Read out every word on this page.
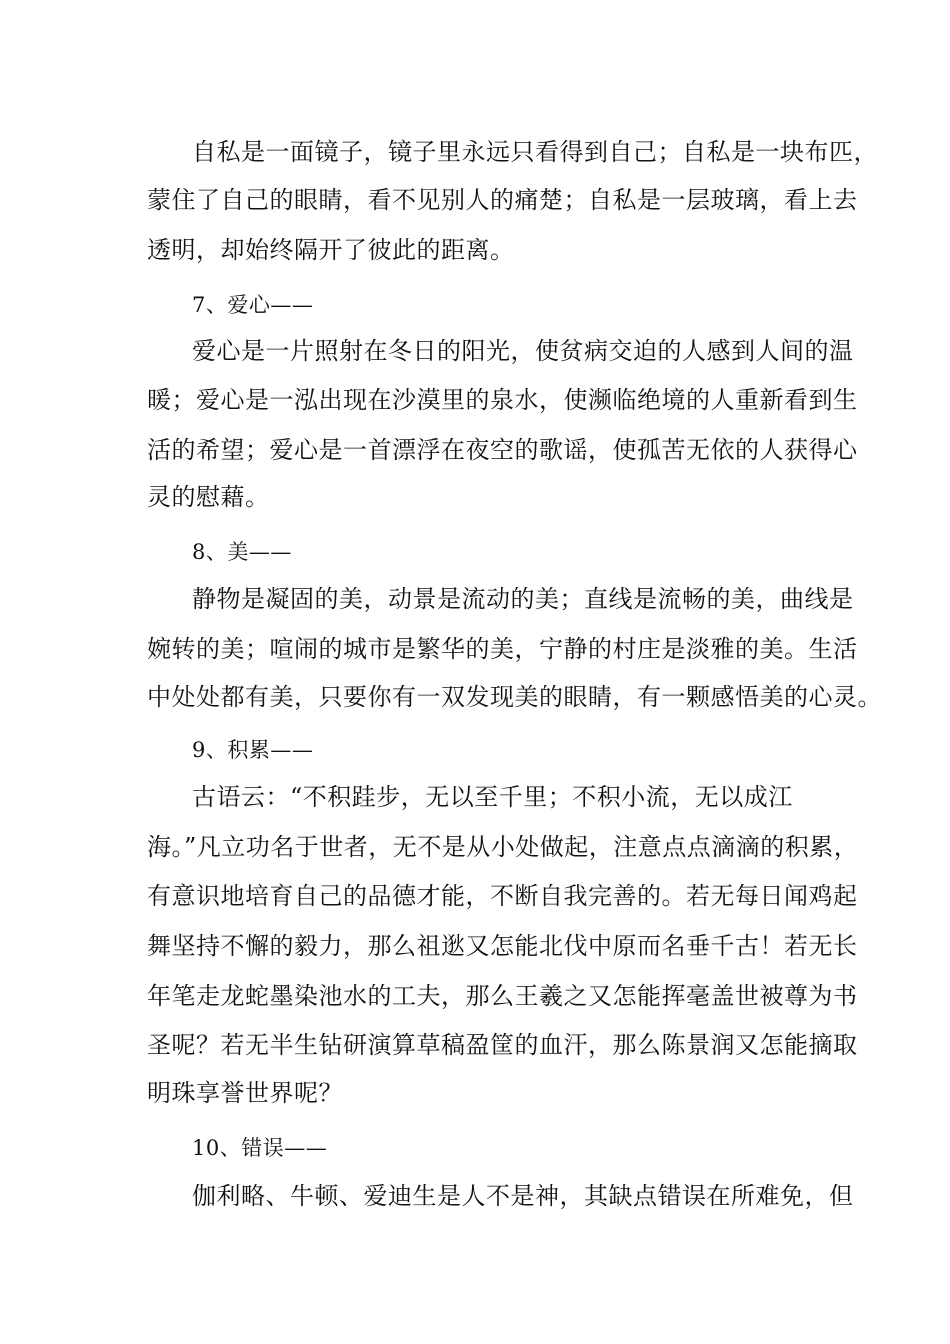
自私是一面镜子，镜子里永远只看得到自己；自私是一块布匹，
蒙住了自己的眼睛，看不见别人的痛楚；自私是一层玻璃，看上去
透明，却始终隔开了彼此的距离。
7、爱心——
爱心是一片照射在冬日的阳光，使贫病交迫的人感到人间的温
暖；爱心是一泓出现在沙漠里的泉水，使濒临绝境的人重新看到生
活的希望；爱心是一首漂浮在夜空的歌谣，使孤苦无依的人获得心
灵的慰藉。
8、美——
静物是凝固的美，动景是流动的美；直线是流畅的美，曲线是
婉转的美；喧闹的城市是繁华的美，宁静的村庄是淡雅的美。生活
中处处都有美，只要你有一双发现美的眼睛，有一颗感悟美的心灵。
9、积累——
古语云：“不积跬步，无以至千里；不积小流，无以成江
海。”凡立功名于世者，无不是从小处做起，注意点点滴滴的积累，
有意识地培育自己的品德才能，不断自我完善的。若无每日闻鸡起
舞坚持不懈的毅力，那么祖逖又怎能北伐中原而名垂千古！若无长
年笔走龙蛇墨染池水的工夫，那么王羲之又怎能挥毫盖世被尊为书
圣呢？若无半生钻研演算草稿盈筐的血汗，那么陈景润又怎能摘取
明珠享誉世界呢？
10、错误——
伽利略、牛顿、爱迪生是人不是神，其缺点错误在所难免，但
